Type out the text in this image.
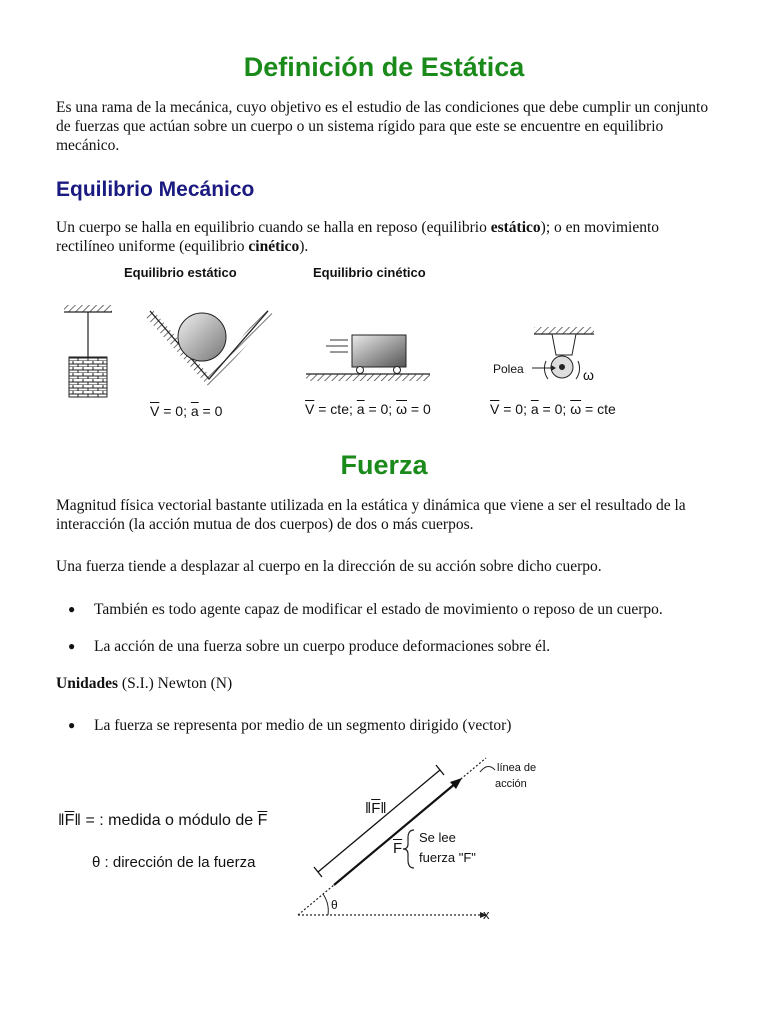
Definición de Estática

Es una rama de la mecánica, cuyo objetivo es el estudio de las condiciones que debe cumplir un conjunto de fuerzas que actúan sobre un cuerpo o un sistema rígido para que este se encuentre en equilibrio mecánico.

Equilibrio Mecánico

Un cuerpo se halla en equilibrio cuando se halla en reposo (equilibrio estático); o en movimiento rectilíneo uniforme (equilibrio cinético).

Equilibrio estático	Equilibrio cinético
Polea	ω
$\overline{V} = 0$; $\overline{a} = 0$	$\overline{V}$ = cte; $\overline{a} = 0$; $\overline{\omega} = 0$	$\overline{V} = 0$; $\overline{a} = 0$; $\overline{\omega}$ = cte
Fuerza

Magnitud física vectorial bastante utilizada en la estática y dinámica que viene a ser el resultado de la interacción (la acción mutua de dos cuerpos) de dos o más cuerpos.

Una fuerza tiende a desplazar al cuerpo en la dirección de su acción sobre dicho cuerpo.

● También es todo agente capaz de modificar el estado de movimiento o reposo de un cuerpo.
● La acción de una fuerza sobre un cuerpo produce deformaciones sobre él.

Unidades (S.I.) Newton (N)

● La fuerza se representa por medio de un segmento dirigido (vector)
$‖\overline{F}‖$ = : medida o módulo de $\overline{F}$
θ : dirección de la fuerza
línea de
acción
$‖\overline{F}‖$
$\overline{F}$
Se lee
fuerza "F"
θ
x
